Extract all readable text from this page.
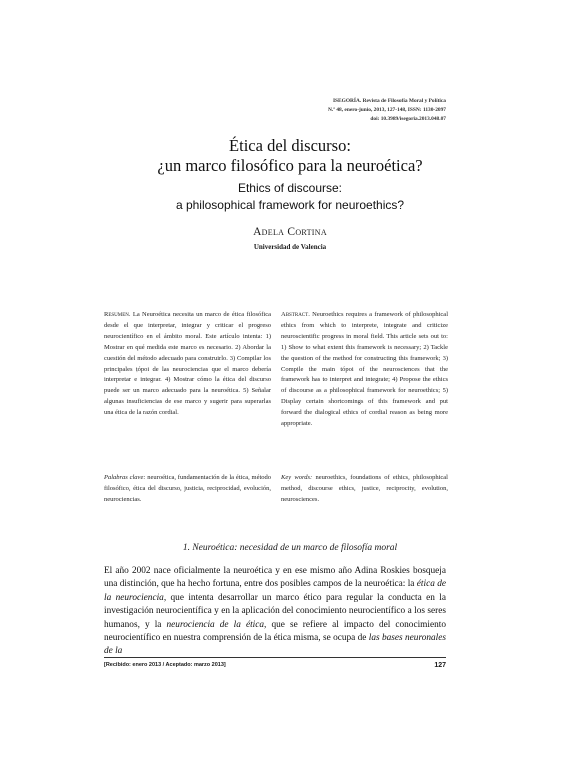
ISEGORÍA. Revista de Filosofía Moral y Política
N.º 48, enero-junio, 2013, 127-148, ISSN: 1130-2097
doi: 10.3989/isegoria.2013.048.07
Ética del discurso:
¿un marco filosófico para la neuroética?
Ethics of discourse:
a philosophical framework for neuroethics?
Adela Cortina
Universidad de Valencia
Resumen. La Neuroética necesita un marco de ética filosófica desde el que interpretar, integrar y criticar el progreso neurocientífico en el ámbito moral. Este artículo intenta: 1) Mostrar en qué medida este marco es necesario. 2) Abordar la cuestión del método adecuado para construirlo. 3) Compilar los principales ṭópoi de las neurociencias que el marco debería interpretar e integrar. 4) Mostrar cómo la ética del discurso puede ser un marco adecuado para la neuroética. 5) Señalar algunas insuficiencias de ese marco y sugerir para superarlas una ética de la razón cordial.
Abstract. Neuroethics requires a framework of philosophical ethics from which to interprete, integrate and criticize neuroscientific progress in moral field. This article sets out to: 1) Show to what extent this framework is necessary; 2) Tackle the question of the method for constructing this framework; 3) Compile the main tópoi of the neurosciences that the framework has to interpret and integrate; 4) Propose the ethics of discourse as a philosophical framework for neuroethics; 5) Display certain shortcomings of this framework and put forward the dialogical ethics of cordial reason as being more appropriate.
Palabras clave: neuroética, fundamentación de la ética, método filosófico, ética del discurso, justicia, reciprocidad, evolución, neurociencias.
Key words: neuroethics, foundations of ethics, philosophical method, discourse ethics, justice, reciprocity, evolution, neurosciences.
1. Neuroética: necesidad de un marco de filosofía moral
El año 2002 nace oficialmente la neuroética y en ese mismo año Adina Roskies bosqueja una distinción, que ha hecho fortuna, entre dos posibles campos de la neuroética: la ética de la neurociencia, que intenta desarrollar un marco ético para regular la conducta en la investigación neurocientífica y en la aplicación del conocimiento neurocientífico a los seres humanos, y la neurociencia de la ética, que se refiere al impacto del conocimiento neurocientífico en nuestra comprensión de la ética misma, se ocupa de las bases neuronales de la
[Recibido: enero 2013 / Aceptado: marzo 2013]	127
